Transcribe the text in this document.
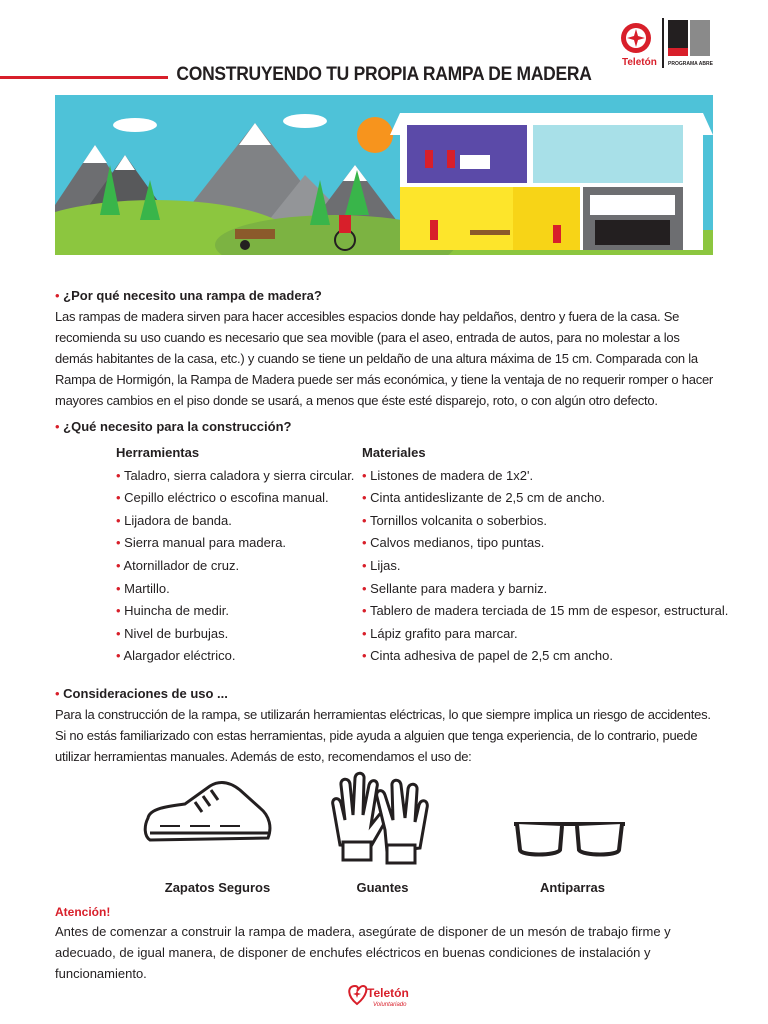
Teletón PROGRAMA ABRE
CONSTRUYENDO TU PROPIA RAMPA DE MADERA

• ¿Por qué necesito una rampa de madera?

Las rampas de madera sirven para hacer accesibles espacios donde hay peldaños, dentro y fuera de la casa. Se recomienda su uso cuando es necesario que sea movible (para el aseo, entrada de autos, para no molestar a los demás habitantes de la casa, etc.) y cuando se tiene un peldaño de una altura máxima de 15 cm. Comparada con la Rampa de Hormigón, la Rampa de Madera puede ser más económica, y tiene la ventaja de no requerir romper o hacer mayores cambios en el piso donde se usará, a menos que éste esté disparejo, roto, o con algún otro defecto.

• ¿Qué necesito para la construcción?

Herramientas
• Taladro, sierra caladora y sierra circular.
• Cepillo eléctrico o escofina manual.
• Lijadora de banda.
• Sierra manual para madera.
• Atornillador de cruz.
• Martillo.
• Huincha de medir.
• Nivel de burbujas.
• Alargador eléctrico.
Materiales
• Listones de madera de 1x2'.
• Cinta antideslizante de 2,5 cm de ancho.
• Tornillos volcanita o soberbios.
• Calvos medianos, tipo puntas.
• Lijas.
• Sellante para madera y barniz.
• Tablero de madera terciada de 15 mm de espesor, estructural.
• Lápiz grafito para marcar.
• Cinta adhesiva de papel de 2,5 cm ancho.

• Consideraciones de uso ...

Para la construcción de la rampa, se utilizarán herramientas eléctricas, lo que siempre implica un riesgo de accidentes. Si no estás familiarizado con estas herramientas, pide ayuda a alguien que tenga experiencia, de lo contrario, puede utilizar herramientas manuales. Además de esto, recomendamos el uso de:

Zapatos Seguros	Guantes	Antiparras
Atención!
Antes de comenzar a construir la rampa de madera, asegúrate de disponer de un mesón de trabajo firme y adecuado, de igual manera, de disponer de enchufes eléctricos en buenas condiciones de instalación y funcionamiento.
Teletón
Voluntariado
